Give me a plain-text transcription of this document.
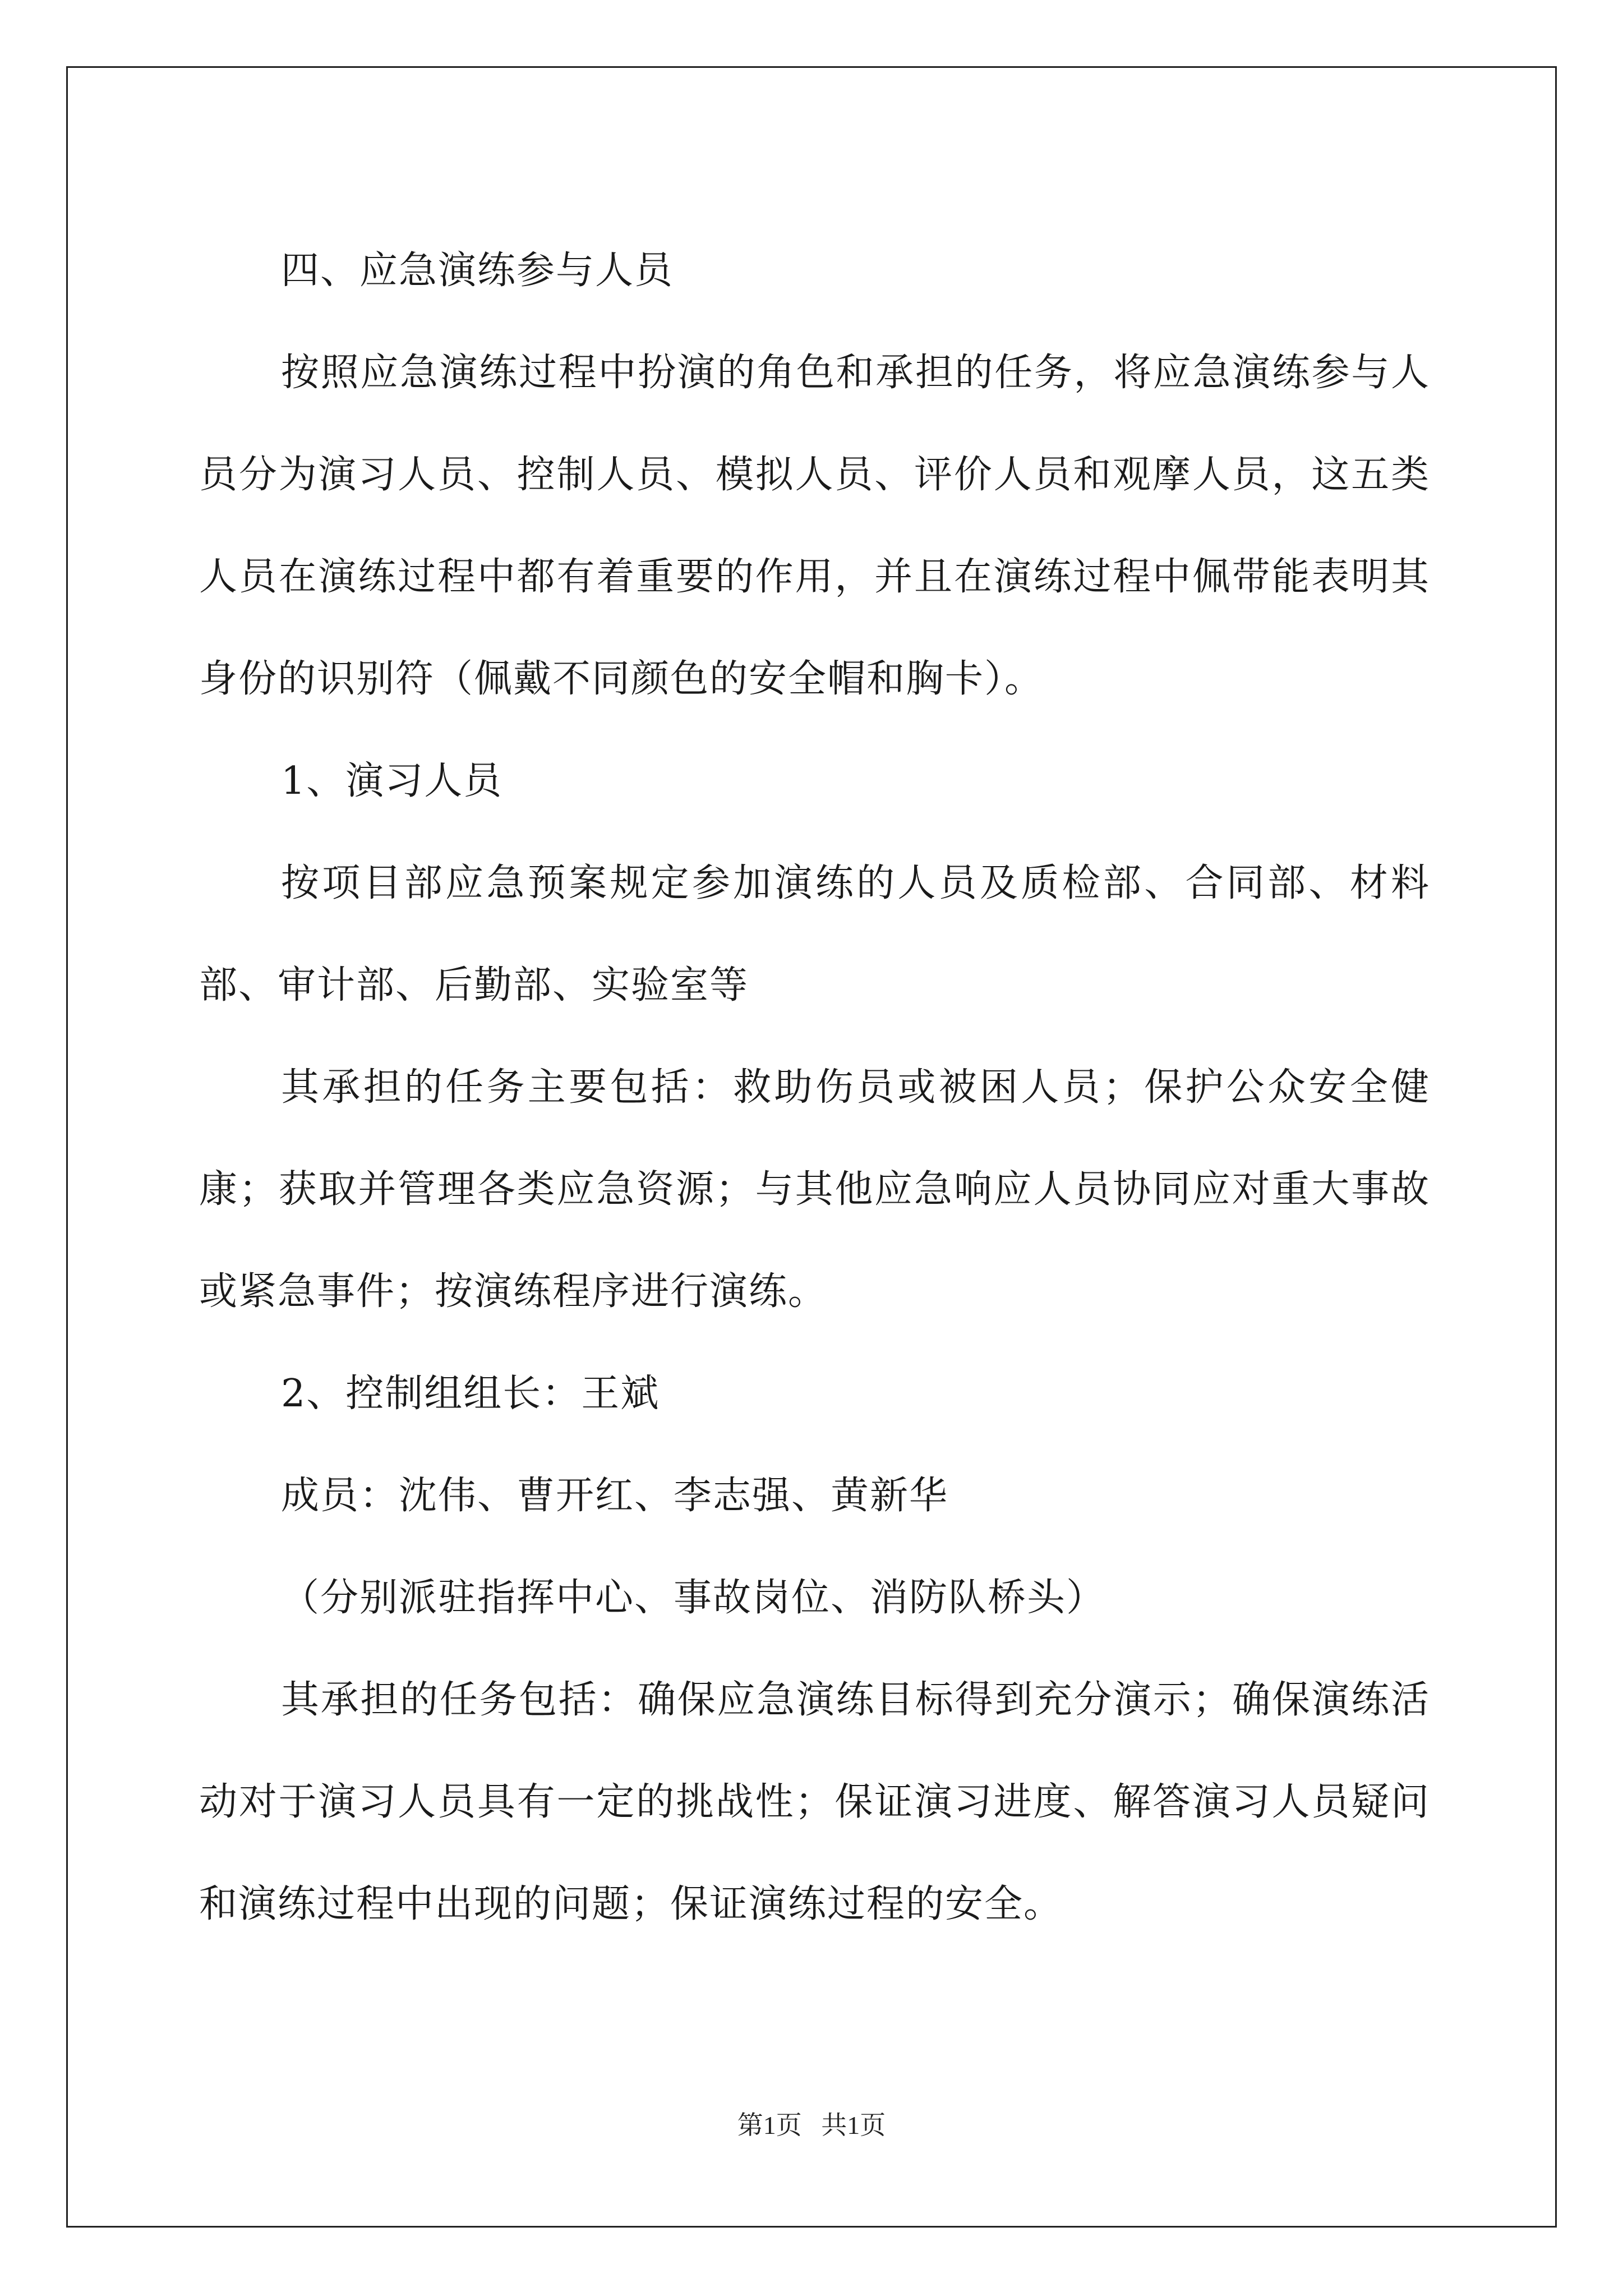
四、应急演练参与人员

按照应急演练过程中扮演的角色和承担的任务，将应急演练参与人员分为演习人员、控制人员、模拟人员、评价人员和观摩人员，这五类人员在演练过程中都有着重要的作用，并且在演练过程中佩带能表明其身份的识别符（佩戴不同颜色的安全帽和胸卡）。

1、演习人员

按项目部应急预案规定参加演练的人员及质检部、合同部、材料部、审计部、后勤部、实验室等

其承担的任务主要包括：救助伤员或被困人员；保护公众安全健康；获取并管理各类应急资源；与其他应急响应人员协同应对重大事故或紧急事件；按演练程序进行演练。

2、控制组组长：王斌

成员：沈伟、曹开红、李志强、黄新华

（分别派驻指挥中心、事故岗位、消防队桥头）

其承担的任务包括：确保应急演练目标得到充分演示；确保演练活动对于演习人员具有一定的挑战性；保证演习进度、解答演习人员疑问和演练过程中出现的问题；保证演练过程的安全。

第1页   共1页
